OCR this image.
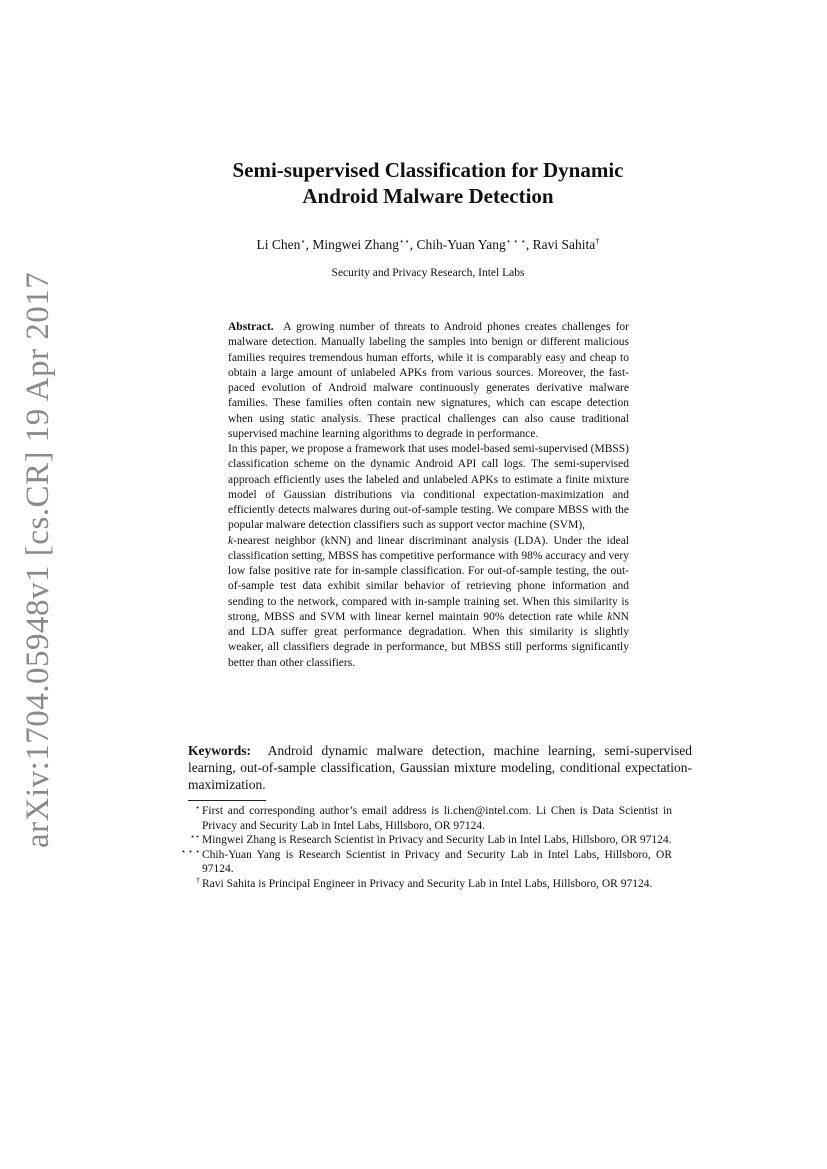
arXiv:1704.05948v1 [cs.CR] 19 Apr 2017
Semi-supervised Classification for Dynamic
Android Malware Detection
Li Chen⋆, Mingwei Zhang⋆⋆, Chih-Yuan Yang⋆ ⋆ ⋆, Ravi Sahita†
Security and Privacy Research, Intel Labs

Abstract. A growing number of threats to Android phones creates challenges for malware detection. Manually labeling the samples into benign or different malicious families requires tremendous human efforts, while it is comparably easy and cheap to obtain a large amount of unlabeled APKs from various sources. Moreover, the fast-paced evolution of Android malware continuously generates derivative malware families. These families often contain new signatures, which can escape detection when using static analysis. These practical challenges can also cause traditional supervised machine learning algorithms to degrade in performance.

In this paper, we propose a framework that uses model-based semi-supervised (MBSS) classification scheme on the dynamic Android API call logs. The semi-supervised approach efficiently uses the labeled and unlabeled APKs to estimate a finite mixture model of Gaussian distributions via conditional expectation-maximization and efficiently detects malwares during out-of-sample testing. We compare MBSS with the popular malware detection classifiers such as support vector machine (SVM),
k-nearest neighbor (kNN) and linear discriminant analysis (LDA). Under the ideal classification setting, MBSS has competitive performance with 98% accuracy and very low false positive rate for in-sample classification. For out-of-sample testing, the out-of-sample test data exhibit similar behavior of retrieving phone information and sending to the network, compared with in-sample training set. When this similarity is strong, MBSS and SVM with linear kernel maintain 90% detection rate while kNN and LDA suffer great performance degradation. When this similarity is slightly weaker, all classifiers degrade in performance, but MBSS still performs significantly better than other classifiers.

Keywords: Android dynamic malware detection, machine learning, semi-supervised learning, out-of-sample classification, Gaussian mixture modeling, conditional expectation-maximization.

⋆ First and corresponding author’s email address is li.chen@intel.com. Li Chen is Data Scientist in Privacy and Security Lab in Intel Labs, Hillsboro, OR 97124.

⋆⋆ Mingwei Zhang is Research Scientist in Privacy and Security Lab in Intel Labs, Hillsboro, OR 97124.

⋆ ⋆ ⋆ Chih-Yuan Yang is Research Scientist in Privacy and Security Lab in Intel Labs, Hillsboro, OR 97124.

† Ravi Sahita is Principal Engineer in Privacy and Security Lab in Intel Labs, Hillsboro, OR 97124.
